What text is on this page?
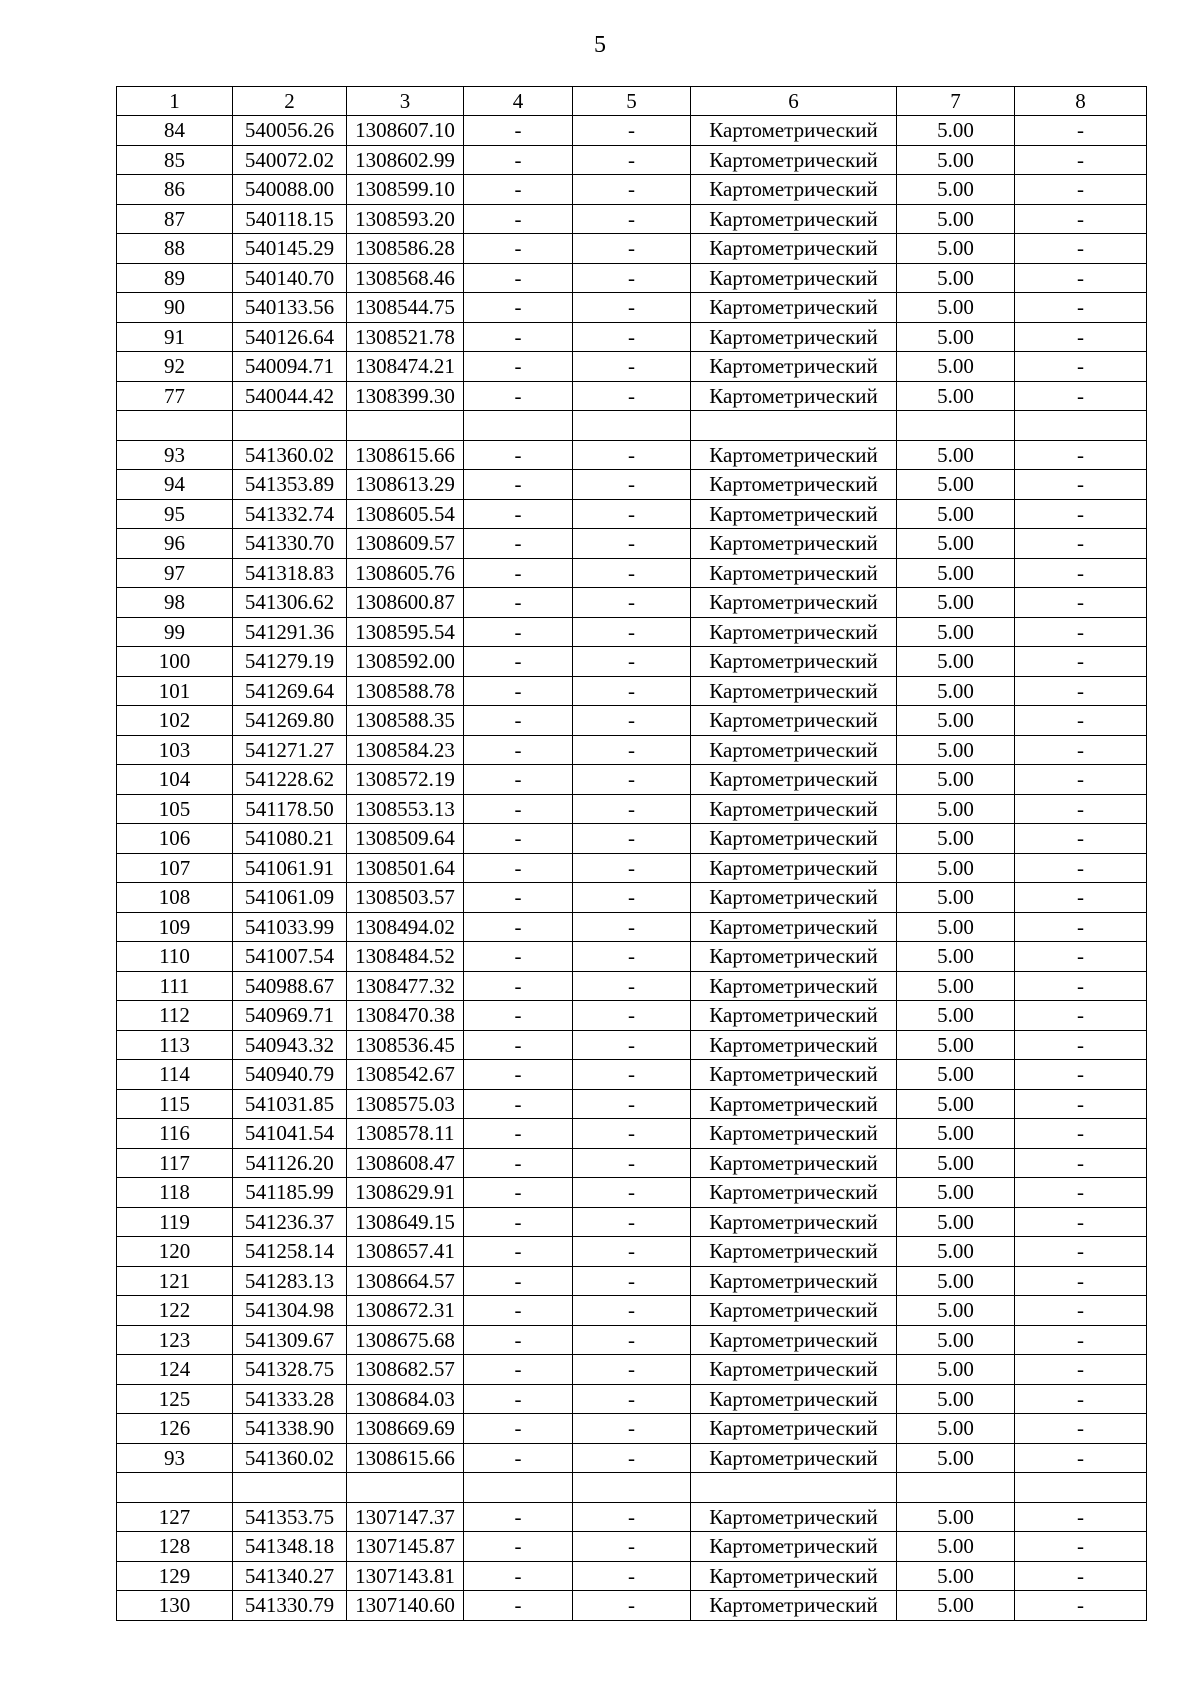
5
1	2	3	4	5	6	7	8
84	540056.26	1308607.10	-	-	Картометрический	5.00	-
85	540072.02	1308602.99	-	-	Картометрический	5.00	-
86	540088.00	1308599.10	-	-	Картометрический	5.00	-
87	540118.15	1308593.20	-	-	Картометрический	5.00	-
88	540145.29	1308586.28	-	-	Картометрический	5.00	-
89	540140.70	1308568.46	-	-	Картометрический	5.00	-
90	540133.56	1308544.75	-	-	Картометрический	5.00	-
91	540126.64	1308521.78	-	-	Картометрический	5.00	-
92	540094.71	1308474.21	-	-	Картометрический	5.00	-
77	540044.42	1308399.30	-	-	Картометрический	5.00	-

93	541360.02	1308615.66	-	-	Картометрический	5.00	-
94	541353.89	1308613.29	-	-	Картометрический	5.00	-
95	541332.74	1308605.54	-	-	Картометрический	5.00	-
96	541330.70	1308609.57	-	-	Картометрический	5.00	-
97	541318.83	1308605.76	-	-	Картометрический	5.00	-
98	541306.62	1308600.87	-	-	Картометрический	5.00	-
99	541291.36	1308595.54	-	-	Картометрический	5.00	-
100	541279.19	1308592.00	-	-	Картометрический	5.00	-
101	541269.64	1308588.78	-	-	Картометрический	5.00	-
102	541269.80	1308588.35	-	-	Картометрический	5.00	-
103	541271.27	1308584.23	-	-	Картометрический	5.00	-
104	541228.62	1308572.19	-	-	Картометрический	5.00	-
105	541178.50	1308553.13	-	-	Картометрический	5.00	-
106	541080.21	1308509.64	-	-	Картометрический	5.00	-
107	541061.91	1308501.64	-	-	Картометрический	5.00	-
108	541061.09	1308503.57	-	-	Картометрический	5.00	-
109	541033.99	1308494.02	-	-	Картометрический	5.00	-
110	541007.54	1308484.52	-	-	Картометрический	5.00	-
111	540988.67	1308477.32	-	-	Картометрический	5.00	-
112	540969.71	1308470.38	-	-	Картометрический	5.00	-
113	540943.32	1308536.45	-	-	Картометрический	5.00	-
114	540940.79	1308542.67	-	-	Картометрический	5.00	-
115	541031.85	1308575.03	-	-	Картометрический	5.00	-
116	541041.54	1308578.11	-	-	Картометрический	5.00	-
117	541126.20	1308608.47	-	-	Картометрический	5.00	-
118	541185.99	1308629.91	-	-	Картометрический	5.00	-
119	541236.37	1308649.15	-	-	Картометрический	5.00	-
120	541258.14	1308657.41	-	-	Картометрический	5.00	-
121	541283.13	1308664.57	-	-	Картометрический	5.00	-
122	541304.98	1308672.31	-	-	Картометрический	5.00	-
123	541309.67	1308675.68	-	-	Картометрический	5.00	-
124	541328.75	1308682.57	-	-	Картометрический	5.00	-
125	541333.28	1308684.03	-	-	Картометрический	5.00	-
126	541338.90	1308669.69	-	-	Картометрический	5.00	-
93	541360.02	1308615.66	-	-	Картометрический	5.00	-

127	541353.75	1307147.37	-	-	Картометрический	5.00	-
128	541348.18	1307145.87	-	-	Картометрический	5.00	-
129	541340.27	1307143.81	-	-	Картометрический	5.00	-
130	541330.79	1307140.60	-	-	Картометрический	5.00	-
